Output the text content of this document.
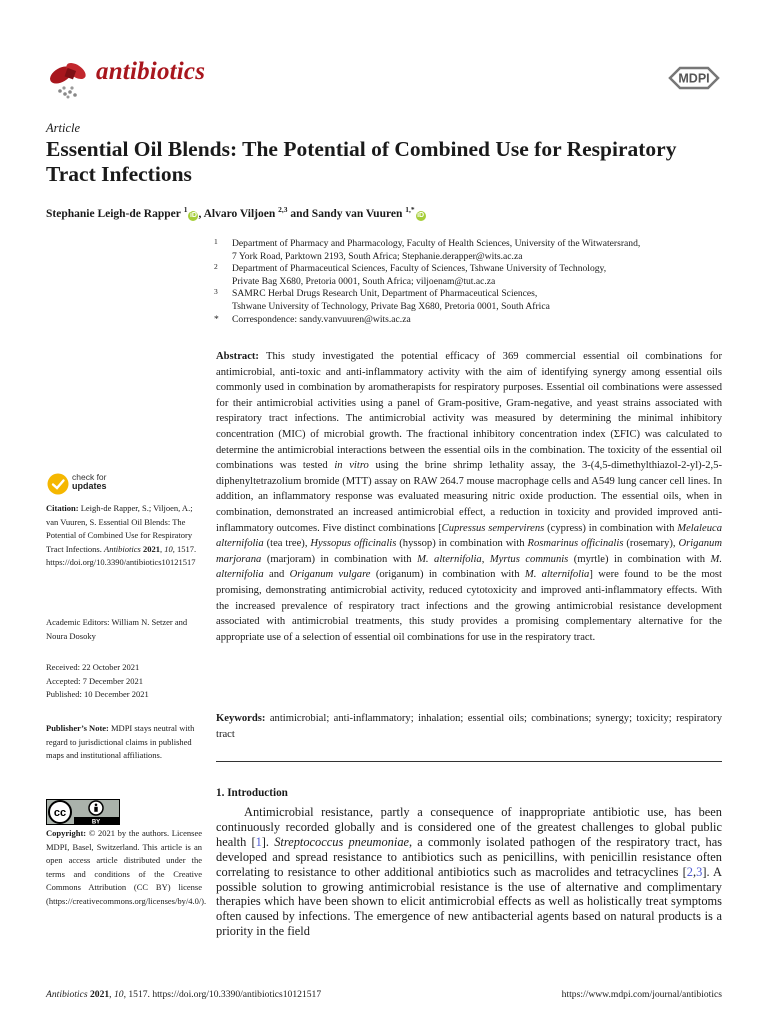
antibiotics	MDPI
Article
Essential Oil Blends: The Potential of Combined Use for Respiratory Tract Infections
Stephanie Leigh-de Rapper $^1$iD , Alvaro Viljoen $^{2,3}$ and Sandy van Vuuren $^{1,*}$iD
1 Department of Pharmacy and Pharmacology, Faculty of Health Sciences, University of the Witwatersrand,
7 York Road, Parktown 2193, South Africa; Stephanie.derapper@wits.ac.za
2 Department of Pharmaceutical Sciences, Faculty of Sciences, Tshwane University of Technology,
Private Bag X680, Pretoria 0001, South Africa; viljoenam@tut.ac.za
3 SAMRC Herbal Drugs Research Unit, Department of Pharmaceutical Sciences,
Tshwane University of Technology, Private Bag X680, Pretoria 0001, South Africa
* Correspondence: sandy.vanvuuren@wits.ac.za
Abstract: This study investigated the potential efficacy of 369 commercial essential oil combinations for antimicrobial, anti-toxic and anti-inflammatory activity with the aim of identifying synergy among essential oils commonly used in combination by aromatherapists for respiratory purposes. Essential oil combinations were assessed for their antimicrobial activities using a panel of Gram-positive, Gram-negative, and yeast strains associated with respiratory tract infections. The antimicrobial activity was measured by determining the minimal inhibitory concentration (MIC) of microbial growth. The fractional inhibitory concentration index (ΣFIC) was calculated to determine the antimicrobial interactions between the essential oils in the combination. The toxicity of the essential oil combinations was tested in vitro using the brine shrimp lethality assay, the 3-(4,5-dimethylthiazol-2-yl)-2,5-diphenyltetrazolium bromide (MTT) assay on RAW 264.7 mouse macrophage cells and A549 lung cancer cell lines. In addition, an inflammatory response was evaluated measuring nitric oxide production. The essential oils, when in combination, demonstrated an increased antimicrobial effect, a reduction in toxicity and provided improved anti-inflammatory outcomes. Five distinct combinations [Cupressus sempervirens (cypress) in combination with Melaleuca alternifolia (tea tree), Hyssopus officinalis (hyssop) in combination with Rosmarinus officinalis (rosemary), Origanum marjorana (marjoram) in combination with M. alternifolia, Myrtus communis (myrtle) in combination with M. alternifolia and Origanum vulgare (origanum) in combination with M. alternifolia] were found to be the most promising, demonstrating antimicrobial activity, reduced cytotoxicity and improved anti-inflammatory effects. With the increased prevalence of respiratory tract infections and the growing antimicrobial resistance development associated with antimicrobial treatments, this study provides a promising complementary alternative for the appropriate use of a selection of essential oil combinations for use in the respiratory tract.
Keywords: antimicrobial; anti-inflammatory; inhalation; essential oils; combinations; synergy; toxicity; respiratory tract
1. Introduction
Antimicrobial resistance, partly a consequence of inappropriate antibiotic use, has been continuously recorded globally and is considered one of the greatest challenges to global public health [1]. Streptococcus pneumoniae, a commonly isolated pathogen of the respiratory tract, has developed and spread resistance to antibiotics such as penicillins, with penicillin resistance often correlating to resistance to other additional antibiotics such as macrolides and tetracyclines [2,3]. A possible solution to growing antimicrobial resistance is the use of alternative and complimentary therapies which have been shown to elicit antimicrobial effects as well as holistically treat symptoms often caused by infections. The emergence of new antibacterial agents based on natural products is a priority in the field
check for
updates
Citation: Leigh-de Rapper, S.; Viljoen, A.; van Vuuren, S. Essential Oil Blends: The Potential of Combined Use for Respiratory Tract Infections. Antibiotics 2021, 10, 1517. https://doi.org/10.3390/antibiotics10121517
Academic Editors: William N. Setzer and Noura Dosoky
Received: 22 October 2021
Accepted: 7 December 2021
Published: 10 December 2021
Publisher’s Note: MDPI stays neutral with regard to jurisdictional claims in published maps and institutional affiliations.
cc
BY
Copyright: © 2021 by the authors. Licensee MDPI, Basel, Switzerland. This article is an open access article distributed under the terms and conditions of the Creative Commons Attribution (CC BY) license (https://creativecommons.org/licenses/by/4.0/).
Antibiotics 2021, 10, 1517. https://doi.org/10.3390/antibiotics10121517	https://www.mdpi.com/journal/antibiotics
